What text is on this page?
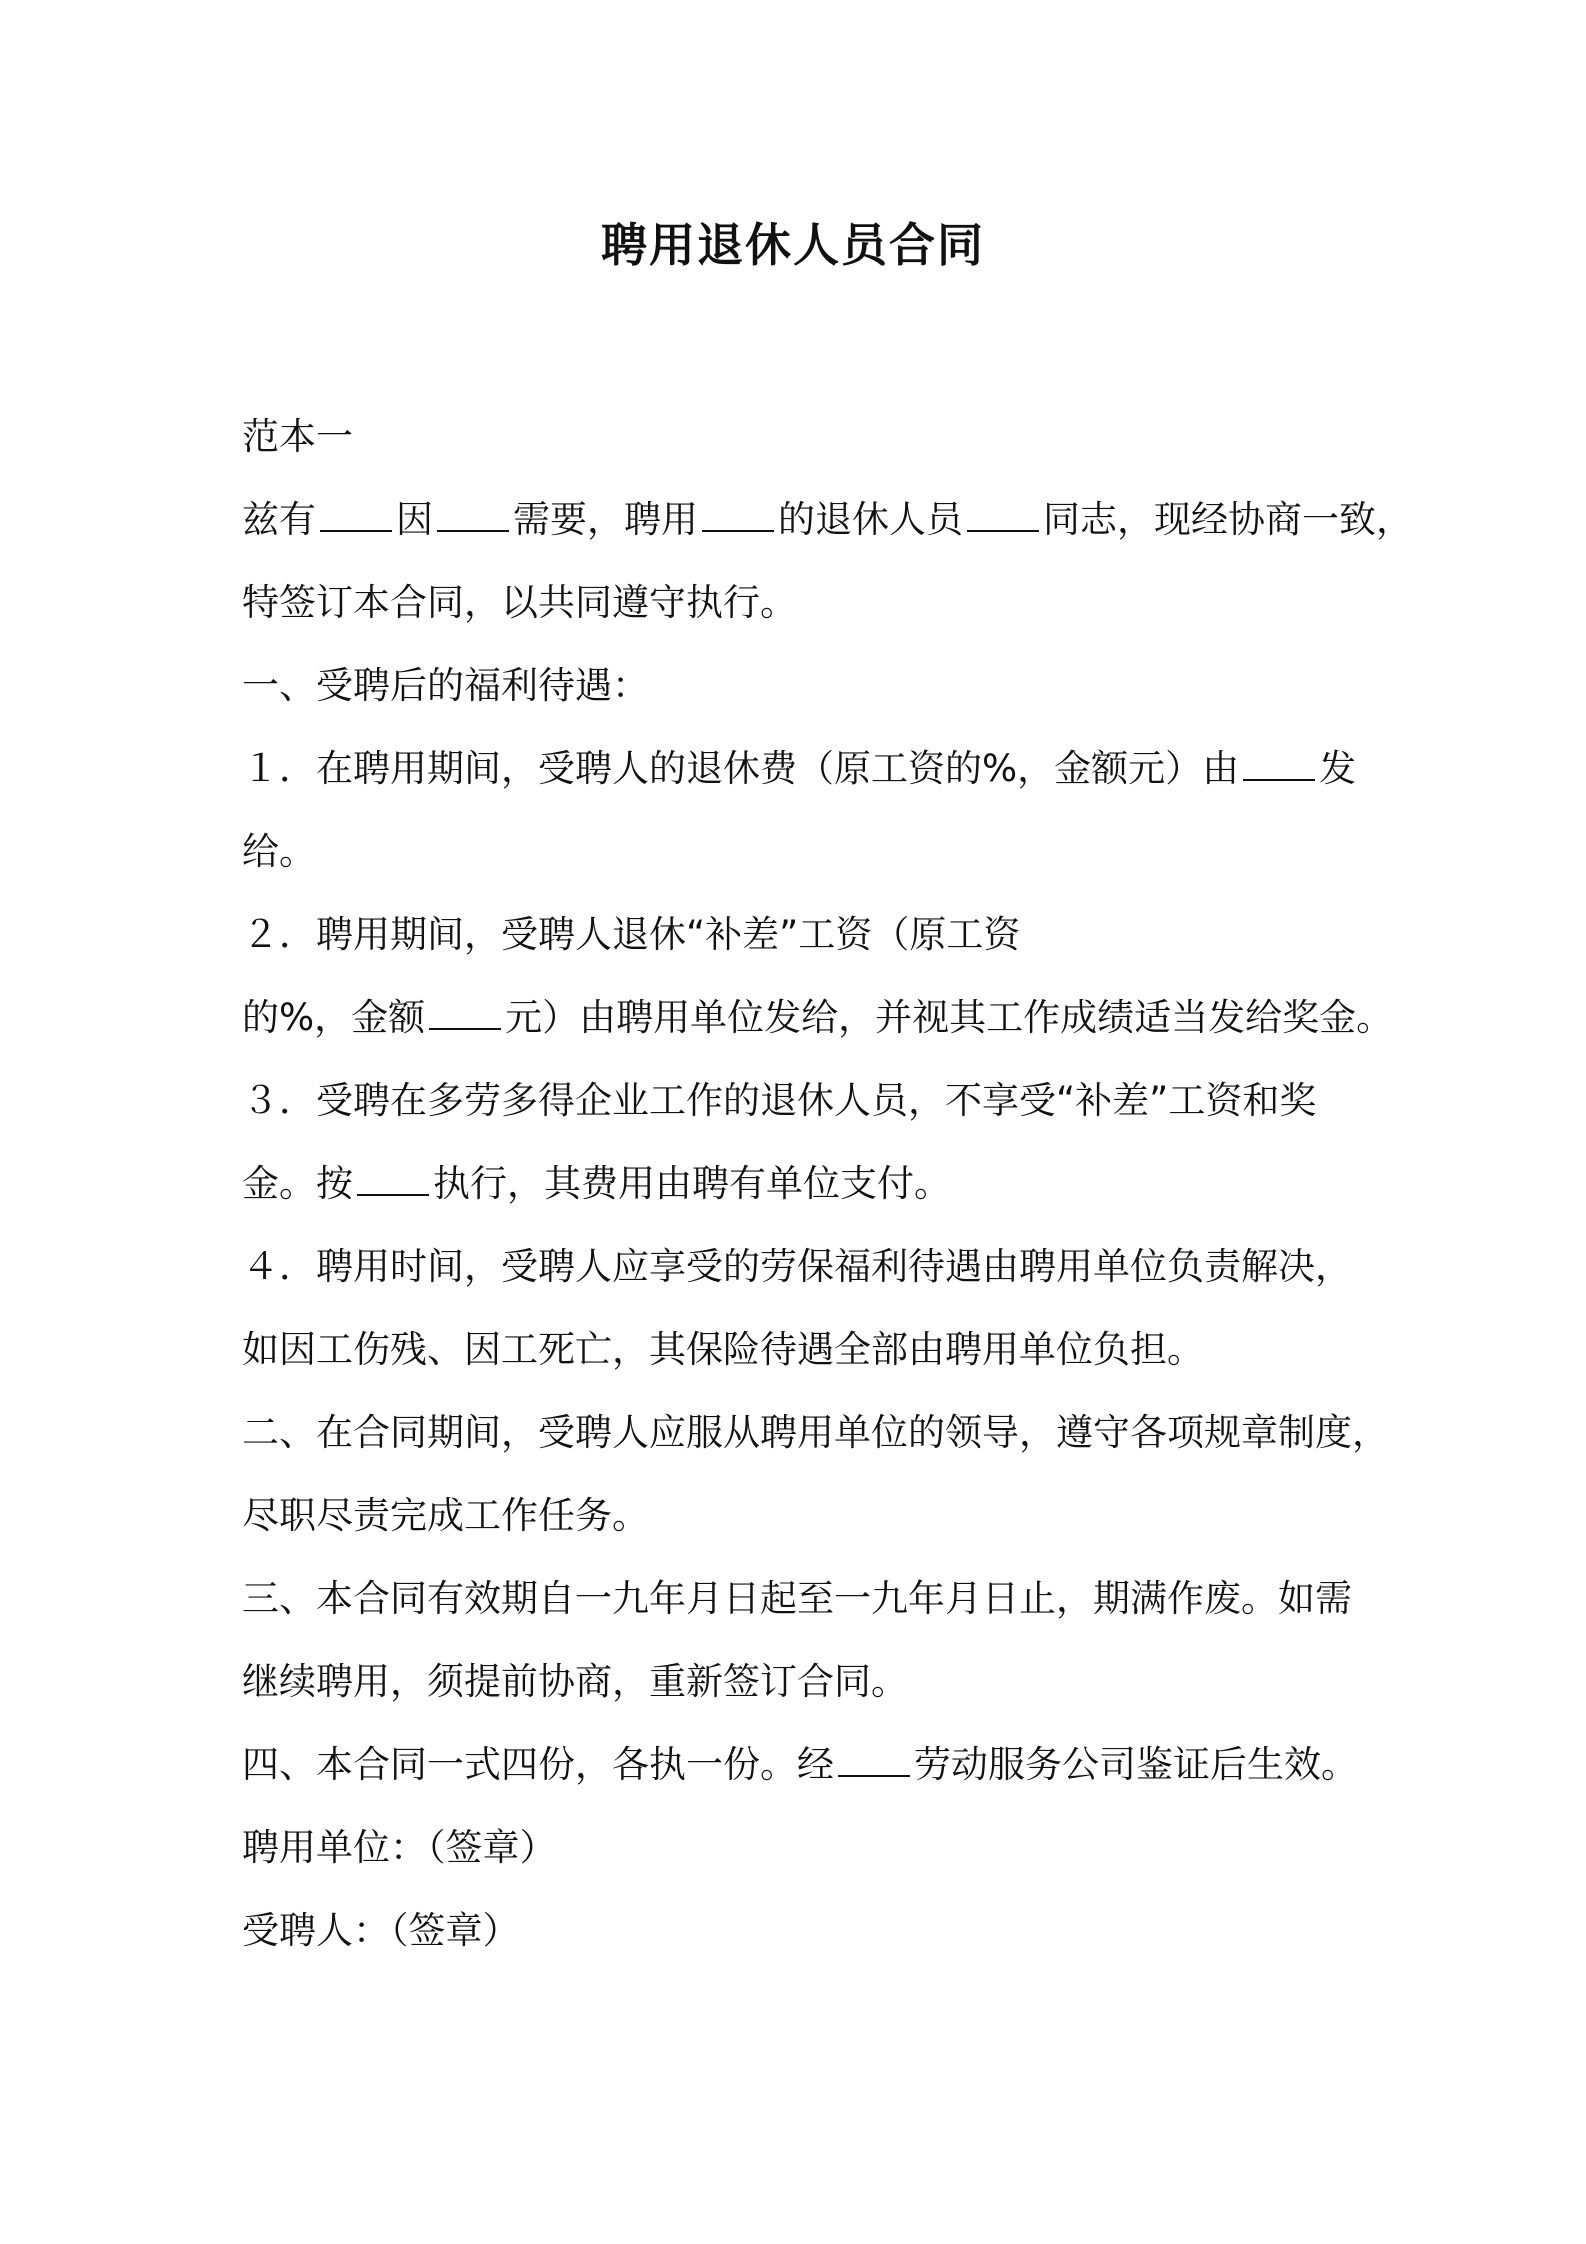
聘用退休人员合同
范本一
兹有 因 需要，聘用 的退休人员 同志，现经协商一致，
特签订本合同，以共同遵守执行。
一、受聘后的福利待遇：
１．在聘用期间，受聘人的退休费（原工资的%，金额元）由 发
给。
２．聘用期间，受聘人退休“补差”工资（原工资
的%，金额 元）由聘用单位发给，并视其工作成绩适当发给奖金。
３．受聘在多劳多得企业工作的退休人员，不享受“补差”工资和奖
金。按 执行，其费用由聘有单位支付。
４．聘用时间，受聘人应享受的劳保福利待遇由聘用单位负责解决，
如因工伤残、因工死亡，其保险待遇全部由聘用单位负担。
二、在合同期间，受聘人应服从聘用单位的领导，遵守各项规章制度，
尽职尽责完成工作任务。
三、本合同有效期自一九年月日起至一九年月日止，期满作废。如需
继续聘用，须提前协商，重新签订合同。
四、本合同一式四份，各执一份。经 劳动服务公司鉴证后生效。
聘用单位：（签章）
受聘人：（签章）
